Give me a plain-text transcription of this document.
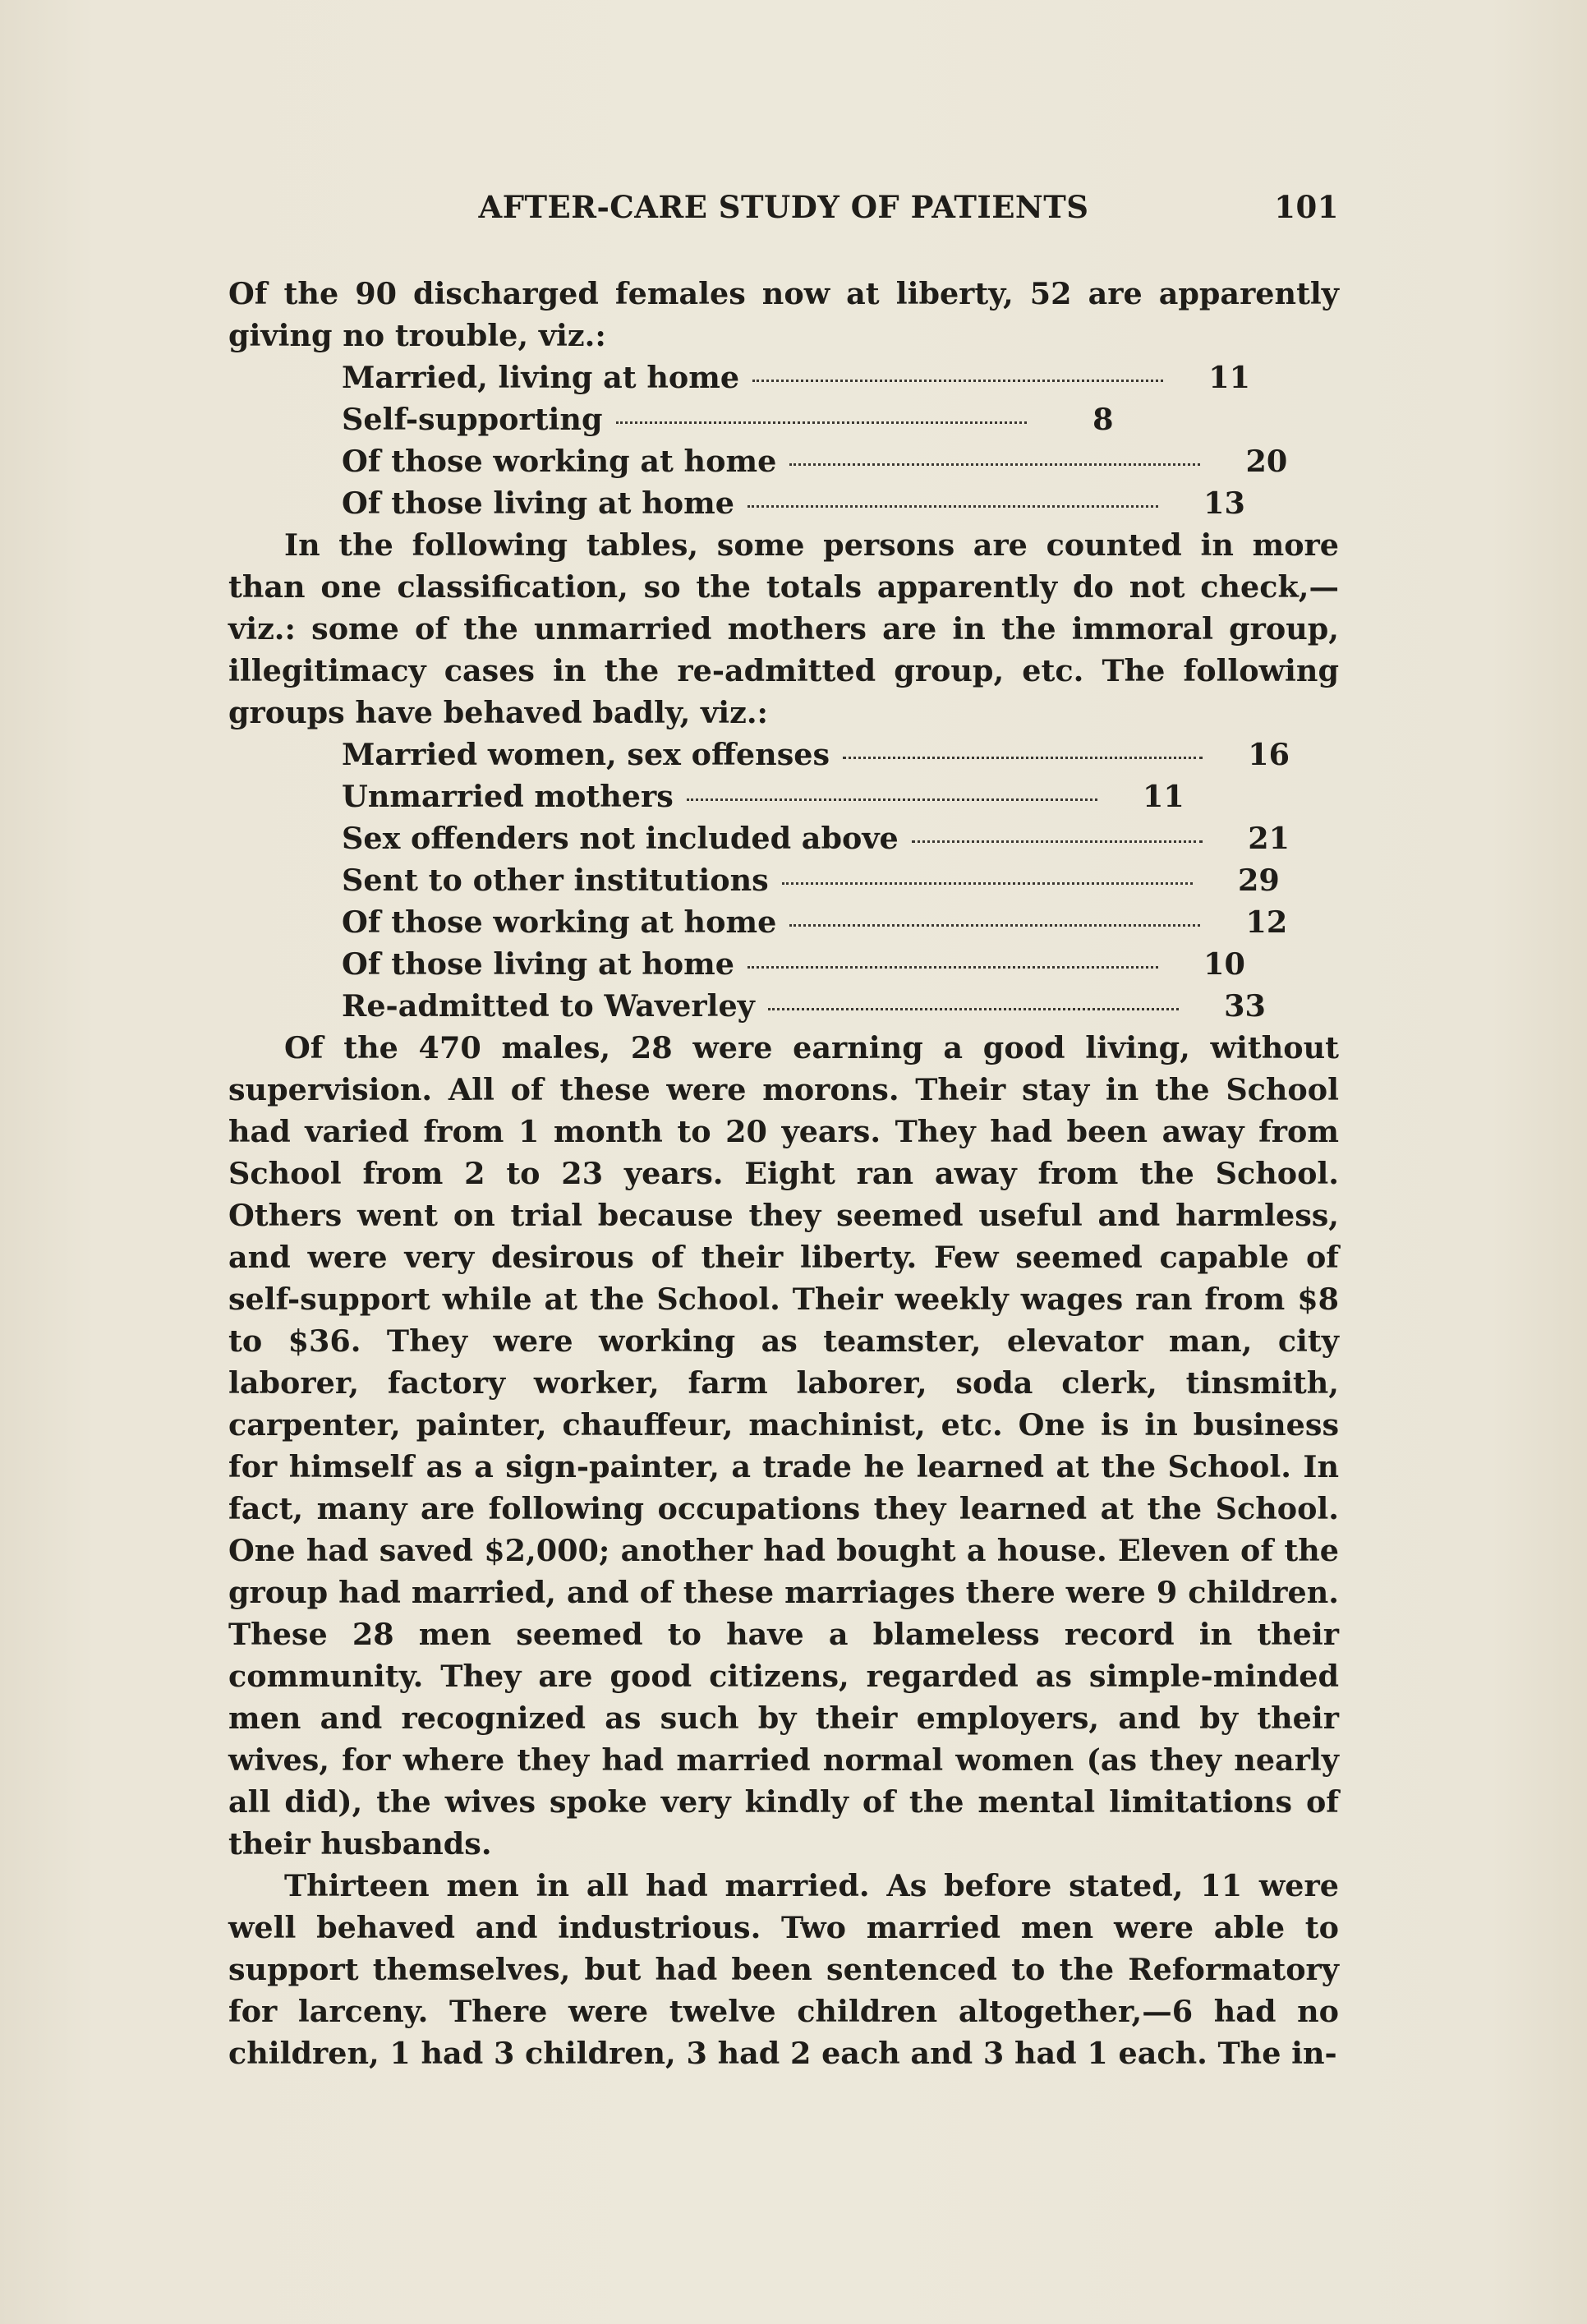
AFTER-CARE STUDY OF PATIENTS	101

Of the 90 discharged females now at liberty, 52 are apparently giving no trouble, viz.:

Married, living at home	11
Self-supporting	8
Of those working at home	20
Of those living at home	13

In the following tables, some persons are counted in more than one classification, so the totals apparently do not check,—viz.: some of the unmarried mothers are in the immoral group, illegitimacy cases in the re-admitted group, etc. The following groups have behaved badly, viz.:

Married women, sex offenses	16
Unmarried mothers	11
Sex offenders not included above	21
Sent to other institutions	29
Of those working at home	12
Of those living at home	10
Re-admitted to Waverley	33

Of the 470 males, 28 were earning a good living, without supervision. All of these were morons. Their stay in the School had varied from 1 month to 20 years. They had been away from School from 2 to 23 years. Eight ran away from the School. Others went on trial because they seemed useful and harmless, and were very desirous of their liberty. Few seemed capable of self-support while at the School. Their weekly wages ran from $8 to $36. They were working as teamster, elevator man, city laborer, factory worker, farm laborer, soda clerk, tinsmith, carpenter, painter, chauffeur, machinist, etc. One is in business for himself as a sign-painter, a trade he learned at the School. In fact, many are following occupations they learned at the School. One had saved $2,000; another had bought a house. Eleven of the group had married, and of these marriages there were 9 children. These 28 men seemed to have a blameless record in their community. They are good citizens, regarded as simple-minded men and recognized as such by their employers, and by their wives, for where they had married normal women (as they nearly all did), the wives spoke very kindly of the mental limitations of their husbands.

Thirteen men in all had married. As before stated, 11 were well behaved and industrious. Two married men were able to support themselves, but had been sentenced to the Reformatory for larceny. There were twelve children altogether,—6 had no children, 1 had 3 children, 3 had 2 each and 3 had 1 each. The in-
